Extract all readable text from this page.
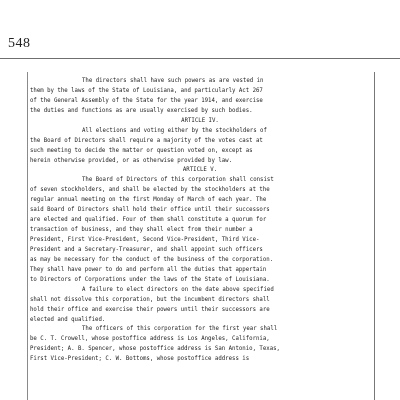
548
The directors shall have such powers as are vested in
them by the laws of the State of Louisiana, and particularly Act 267
of the General Assembly of the State for the year 1914, and exercise
the duties and functions as are usually exercised by such bodies.
ARTICLE IV.
All elections and voting either by the stockholders of
the Board of Directors shall require a majority of the votes cast at
such meeting to decide the matter or question voted on, except as
herein otherwise provided, or as otherwise provided by law.
ARTICLE V.
The Board of Directors of this corporation shall consist
of seven stockholders, and shall be elected by the stockholders at the
regular annual meeting on the first Monday of March of each year. The
said Board of Directors shall hold their office until their successors
are elected and qualified. Four of them shall constitute a quorum for
transaction of business, and they shall elect from their number a
President, First Vice-President, Second Vice-President, Third Vice-
President and a Secretary-Treasurer, and shall appoint such officers
as may be necessary for the conduct of the business of the corporation.
They shall have power to do and perform all the duties that appertain
to Directors of Corporations under the laws of the State of Louisiana.
A failure to elect directors on the date above specified
shall not dissolve this corporation, but the incumbent directors shall
hold their office and exercise their powers until their successors are
elected and qualified.
The officers of this corporation for the first year shall
be C. T. Crowell, whose postoffice address is Los Angeles, California,
President; A. B. Spencer, whose postoffice address is San Antonio, Texas,
First Vice-President; C. W. Bottoms, whose postoffice address is
